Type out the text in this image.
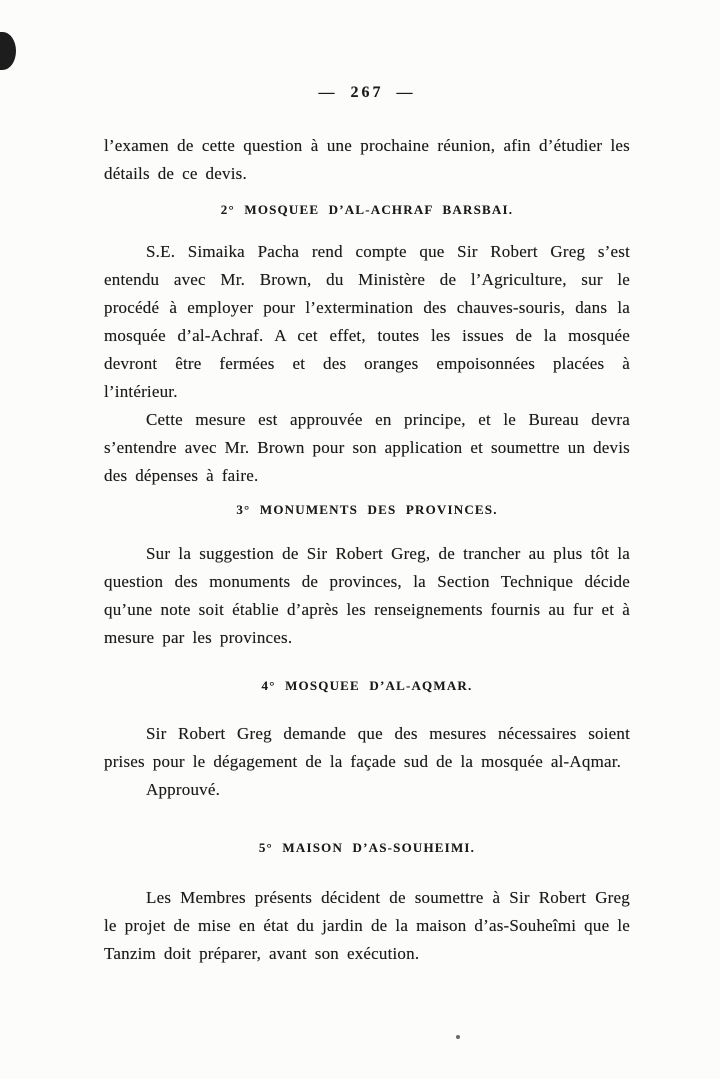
— 267 —

l’examen de cette question à une prochaine réunion, afin d’étudier les détails de ce devis.

2° MOSQUEE D’AL-ACHRAF BARSBAI.

S.E. Simaika Pacha rend compte que Sir Robert Greg s’est entendu avec Mr. Brown, du Ministère de l’Agriculture, sur le procédé à employer pour l’extermination des chauves-souris, dans la mosquée d’al-Achraf. A cet effet, toutes les issues de la mosquée devront être fermées et des oranges empoisonnées placées à l’intérieur.

Cette mesure est approuvée en principe, et le Bureau devra s’entendre avec Mr. Brown pour son application et soumettre un devis des dépenses à faire.

3° MONUMENTS DES PROVINCES.

Sur la suggestion de Sir Robert Greg, de trancher au plus tôt la question des monuments de provinces, la Section Technique décide qu’une note soit établie d’après les renseignements fournis au fur et à mesure par les provinces.

4° MOSQUEE D’AL-AQMAR.

Sir Robert Greg demande que des mesures nécessaires soient prises pour le dégagement de la façade sud de la mosquée al-Aqmar.

Approuvé.

5° MAISON D’AS-SOUHEIMI.

Les Membres présents décident de soumettre à Sir Robert Greg le projet de mise en état du jardin de la maison d’as-Souheîmi que le Tanzim doit préparer, avant son exécution.
